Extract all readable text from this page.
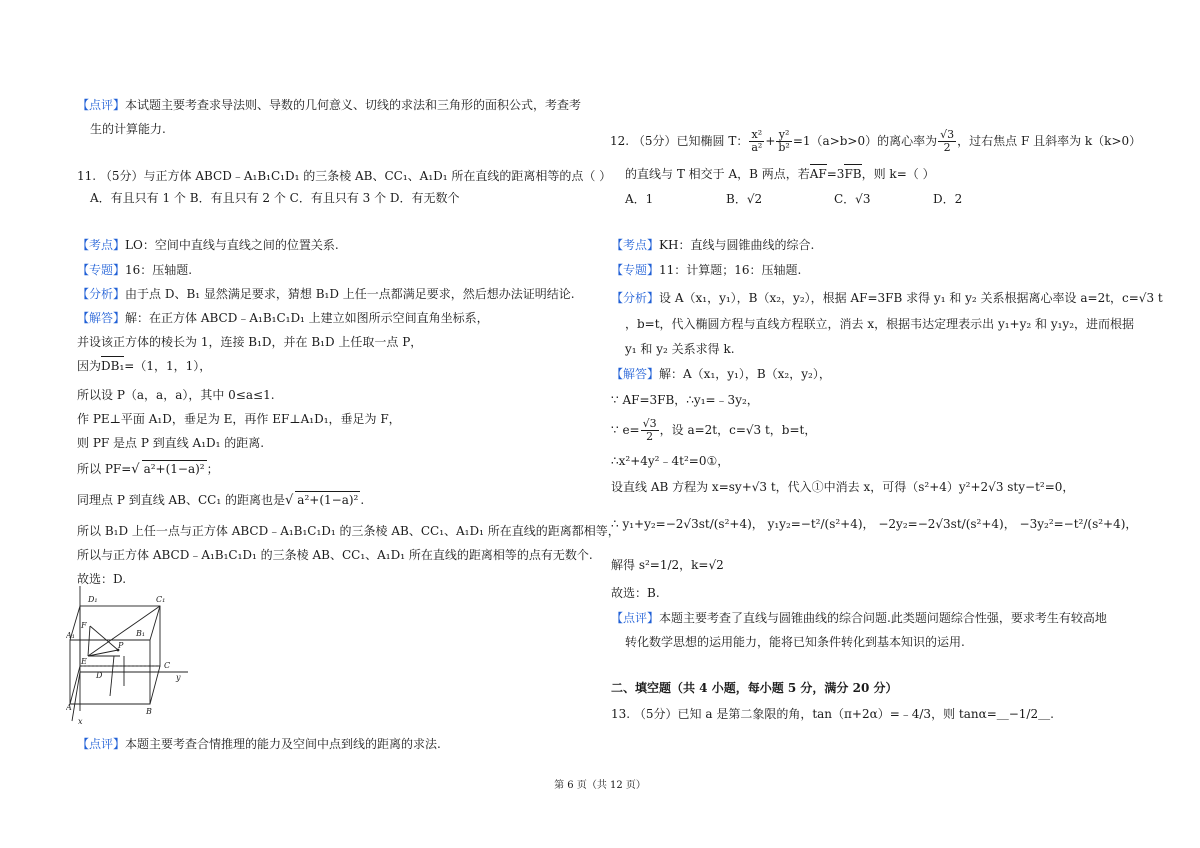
【点评】本试题主要考查求导法则、导数的几何意义、切线的求法和三角形的面积公式，考查考
生的计算能力.
11. （5分）与正方体 ABCD﹣A₁B₁C₁D₁ 的三条棱 AB、CC₁、A₁D₁ 所在直线的距离相等的点（ ）
A．有且只有 1 个 B．有且只有 2 个 C．有且只有 3 个 D．有无数个
【考点】LO：空间中直线与直线之间的位置关系.
【专题】16：压轴题.
【分析】由于点 D、B₁ 显然满足要求，猜想 B₁D 上任一点都满足要求，然后想办法证明结论.
【解答】解：在正方体 ABCD﹣A₁B₁C₁D₁ 上建立如图所示空间直角坐标系，
并设该正方体的棱长为 1，连接 B₁D，并在 B₁D 上任取一点 P，
因为DB₁=（1，1，1），
所以设 P（a，a，a），其中 0≤a≤1.
作 PE⊥平面 A₁D，垂足为 E，再作 EF⊥A₁D₁，垂足为 F，
则 PF 是点 P 到直线 A₁D₁ 的距离.
所以 PF=√ a²+(1−a)² ；
同理点 P 到直线 AB、CC₁ 的距离也是√ a²+(1−a)² .
所以 B₁D 上任一点与正方体 ABCD﹣A₁B₁C₁D₁ 的三条棱 AB、CC₁、A₁D₁ 所在直线的距离都相等，
所以与正方体 ABCD﹣A₁B₁C₁D₁ 的三条棱 AB、CC₁、A₁D₁ 所在直线的距离相等的点有无数个.
故选：D.
D₁	C₁
B₁
A₁
F
E
P
D
C
y
A	B
x
【点评】本题主要考查合情推理的能力及空间中点到线的距离的求法.
12. （5分）已知椭圆 T： $\frac{\text{x²}}{\text{a²}} + \frac{\text{y²}}{\text{b²}} =1(a>b>0)$的离心率为 $\frac{√3}{2}$ ，过右焦点 F 且斜率为 k（k>0）
的直线与 T 相交于 A，B 两点，若AF=3FB，则 k=（ ）
A．1	B．√2	C．√3	D．2
【考点】KH：直线与圆锥曲线的综合.
【专题】11：计算题；16：压轴题.
【分析】设 A（x₁，y₁），B（x₂，y₂），根据 AF=3FB 求得 y₁ 和 y₂ 关系根据离心率设 a=2t，c=√3 t
，b=t，代入椭圆方程与直线方程联立，消去 x，根据韦达定理表示出 y₁+y₂ 和 y₁y₂，进而根据
y₁ 和 y₂ 关系求得 k.
【解答】解：A（x₁，y₁），B（x₂，y₂），
∵ AF=3FB，∴y₁=﹣3y₂，
∵ $e= \frac{√3}{2}$ ，设 a=2t，c=√3 t，b=t，
∴x²+4y²﹣4t²=0①，
设直线 AB 方程为 x=sy+√3 t，代入①中消去 x，可得（s²+4）y²+2√3 sty−t²=0，
∴ y₁+y₂=−2√3st/(s²+4)， y₁y₂=−t²/(s²+4)， −2y₂=−2√3st/(s²+4)， −3y₂²=−t²/(s²+4)，
解得 s²=1/2，k=√2
故选：B.
【点评】本题主要考查了直线与圆锥曲线的综合问题.此类题问题综合性强，要求考生有较高地
转化数学思想的运用能力，能将已知条件转化到基本知识的运用.
二、填空题（共 4 小题，每小题 5 分，满分 20 分）
13. （5分）已知 a 是第二象限的角，tan（π+2α）=﹣4/3，则 tanα=＿−1/2＿.
第 6 页（共 12 页）
